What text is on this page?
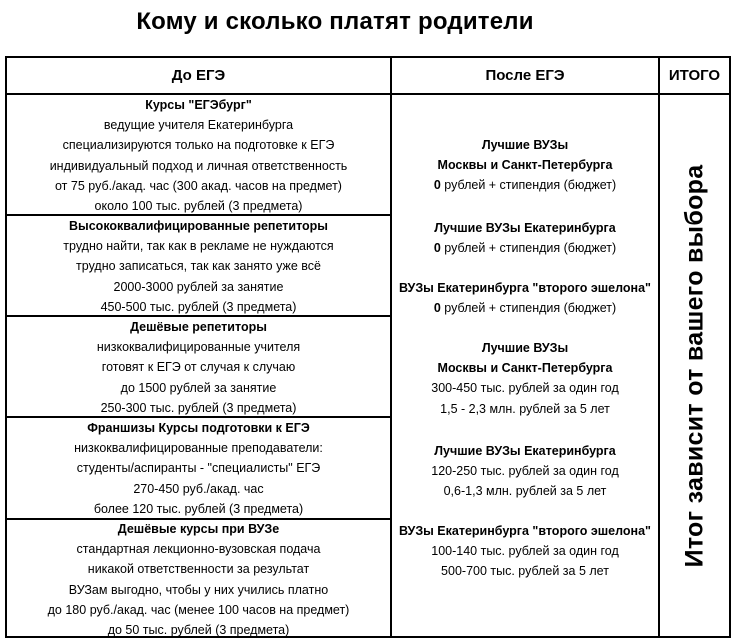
Кому и сколько платят родители
До ЕГЭ	После ЕГЭ	ИТОГО
Курсы "ЕГЭбург"
ведущие учителя Екатеринбурга
специализируются только на подготовке к ЕГЭ
индивидуальный подход и личная ответственность
от 75 руб./акад. час (300 акад. часов на предмет)
около 100 тыс. рублей (3 предмета)
Высококвалифицированные репетиторы
трудно найти, так как в рекламе не нуждаются
трудно записаться, так как занято уже всё
2000-3000 рублей за занятие
450-500 тыс. рублей (3 предмета)
Дешёвые репетиторы
низкоквалифицированные учителя
готовят к ЕГЭ от случая к случаю
до 1500 рублей за занятие
250-300 тыс. рублей (3 предмета)
Франшизы Курсы подготовки к ЕГЭ
низкоквалифицированные преподаватели:
студенты/аспиранты - "специалисты" ЕГЭ
270-450 руб./акад. час
более 120 тыс. рублей (3 предмета)
Дешёвые курсы при ВУЗе
стандартная лекционно-вузовская подача
никакой ответственности за результат
ВУЗам выгодно, чтобы у них учились платно
до 180 руб./акад. час (менее 100 часов на предмет)
до 50 тыс. рублей (3 предмета)
Лучшие ВУЗы
Москвы и Санкт-Петербурга
0 рублей + стипендия (бюджет)
Лучшие ВУЗы Екатеринбурга
0 рублей + стипендия (бюджет)
ВУЗы Екатеринбурга "второго эшелона"
0 рублей + стипендия (бюджет)
Лучшие ВУЗы
Москвы и Санкт-Петербурга
300-450 тыс. рублей за один год
1,5 - 2,3 млн. рублей за 5 лет
Лучшие ВУЗы Екатеринбурга
120-250 тыс. рублей за один год
0,6-1,3 млн. рублей за 5 лет
ВУЗы Екатеринбурга "второго эшелона"
100-140 тыс. рублей за один год
500-700 тыс. рублей за 5 лет
Итог зависит от вашего выбора
